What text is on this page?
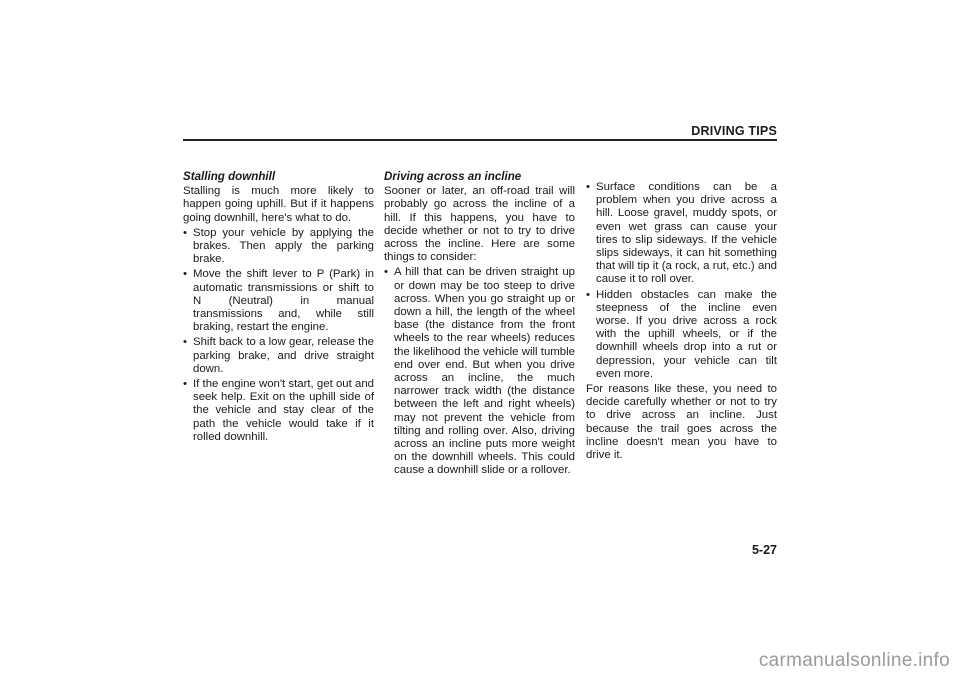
DRIVING TIPS

Stalling downhill

Stalling is much more likely to happen going uphill. But if it happens going downhill, here's what to do.

• Stop your vehicle by applying the brakes. Then apply the parking brake.
• Move the shift lever to P (Park) in automatic transmissions or shift to N (Neutral) in manual transmissions and, while still braking, restart the engine.
• Shift back to a low gear, release the parking brake, and drive straight down.
• If the engine won't start, get out and seek help. Exit on the uphill side of the vehicle and stay clear of the path the vehicle would take if it rolled downhill.

Driving across an incline

Sooner or later, an off-road trail will probably go across the incline of a hill. If this happens, you have to decide whether or not to try to drive across the incline. Here are some things to consider:

• A hill that can be driven straight up or down may be too steep to drive across. When you go straight up or down a hill, the length of the wheel base (the distance from the front wheels to the rear wheels) reduces the likelihood the vehicle will tumble end over end. But when you drive across an incline, the much narrower track width (the distance between the left and right wheels) may not prevent the vehicle from tilting and rolling over. Also, driving across an incline puts more weight on the downhill wheels. This could cause a downhill slide or a rollover.
• Surface conditions can be a problem when you drive across a hill. Loose gravel, muddy spots, or even wet grass can cause your tires to slip sideways. If the vehicle slips sideways, it can hit something that will tip it (a rock, a rut, etc.) and cause it to roll over.
• Hidden obstacles can make the steepness of the incline even worse. If you drive across a rock with the uphill wheels, or if the downhill wheels drop into a rut or depression, your vehicle can tilt even more.

For reasons like these, you need to decide carefully whether or not to try to drive across an incline. Just because the trail goes across the incline doesn't mean you have to drive it.

5-27
carmanualsonline.info
